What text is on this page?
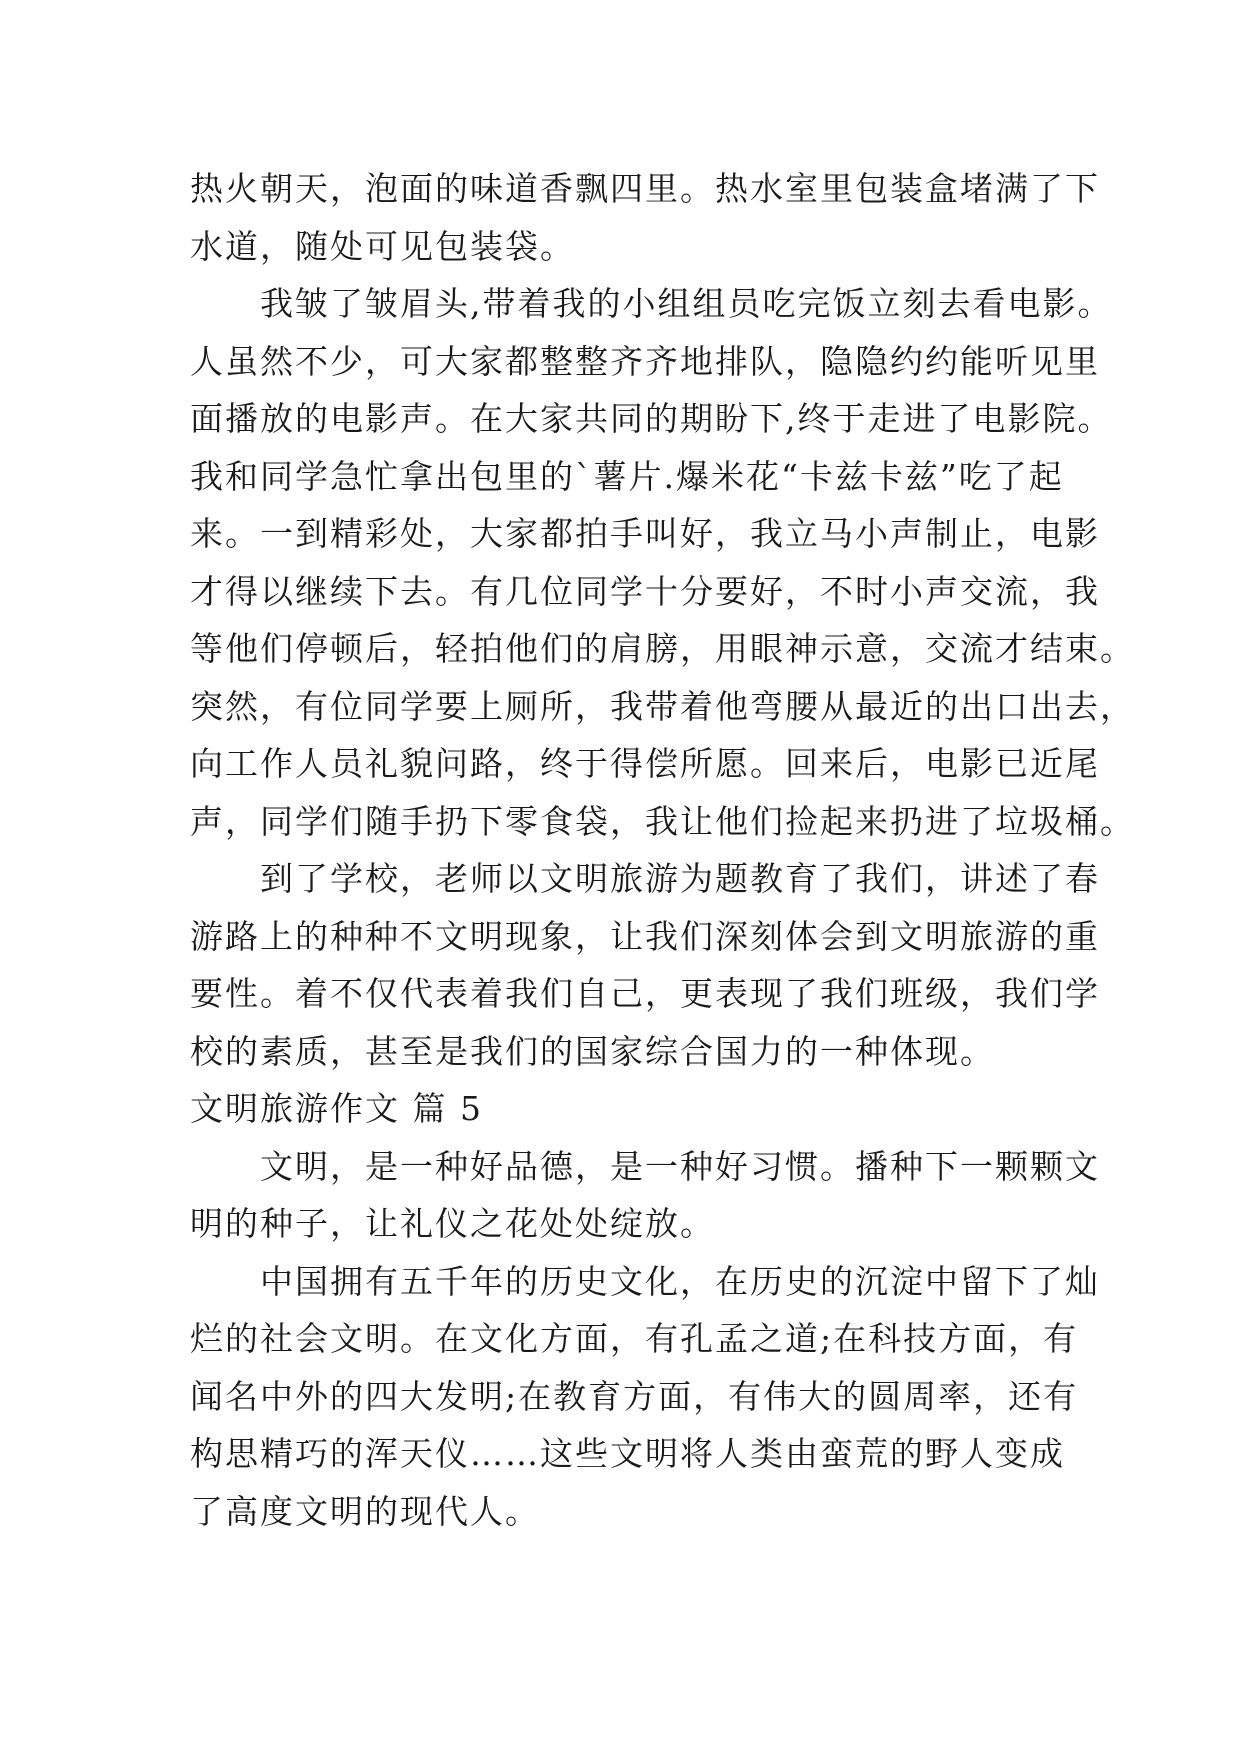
热火朝天，泡面的味道香飘四里。热水室里包装盒堵满了下
水道，随处可见包装袋。
我皱了皱眉头,带着我的小组组员吃完饭立刻去看电影。
人虽然不少，可大家都整整齐齐地排队，隐隐约约能听见里
面播放的电影声。在大家共同的期盼下,终于走进了电影院。
我和同学急忙拿出包里的`薯片.爆米花“卡兹卡兹”吃了起
来。一到精彩处，大家都拍手叫好，我立马小声制止，电影
才得以继续下去。有几位同学十分要好，不时小声交流，我
等他们停顿后，轻拍他们的肩膀，用眼神示意，交流才结束。
突然，有位同学要上厕所，我带着他弯腰从最近的出口出去，
向工作人员礼貌问路，终于得偿所愿。回来后，电影已近尾
声，同学们随手扔下零食袋，我让他们捡起来扔进了垃圾桶。
到了学校，老师以文明旅游为题教育了我们，讲述了春
游路上的种种不文明现象，让我们深刻体会到文明旅游的重
要性。着不仅代表着我们自己，更表现了我们班级，我们学
校的素质，甚至是我们的国家综合国力的一种体现。
文明旅游作文 篇 5
文明，是一种好品德，是一种好习惯。播种下一颗颗文
明的种子，让礼仪之花处处绽放。
中国拥有五千年的历史文化，在历史的沉淀中留下了灿
烂的社会文明。在文化方面，有孔孟之道;在科技方面，有
闻名中外的四大发明;在教育方面，有伟大的圆周率，还有
构思精巧的浑天仪……这些文明将人类由蛮荒的野人变成
了高度文明的现代人。
